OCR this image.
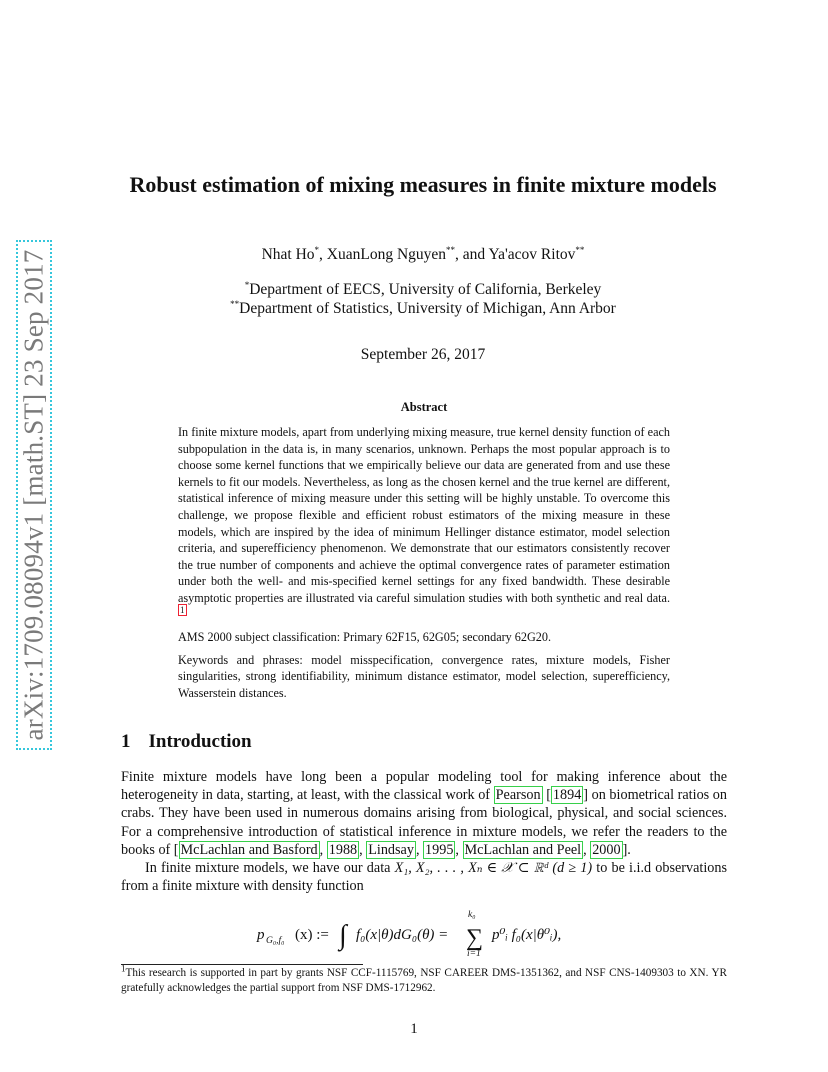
arXiv:1709.08094v1 [math.ST] 23 Sep 2017
Robust estimation of mixing measures in finite mixture models
Nhat Ho*, XuanLong Nguyen**, and Ya'acov Ritov**
*Department of EECS, University of California, Berkeley
**Department of Statistics, University of Michigan, Ann Arbor
September 26, 2017
Abstract

In finite mixture models, apart from underlying mixing measure, true kernel density function of each subpopulation in the data is, in many scenarios, unknown. Perhaps the most popular approach is to choose some kernel functions that we empirically believe our data are generated from and use these kernels to fit our models. Nevertheless, as long as the chosen kernel and the true kernel are different, statistical inference of mixing measure under this setting will be highly unstable. To overcome this challenge, we propose flexible and efficient robust estimators of the mixing measure in these models, which are inspired by the idea of minimum Hellinger distance estimator, model selection criteria, and superefficiency phenomenon. We demonstrate that our estimators consistently recover the true number of components and achieve the optimal convergence rates of parameter estimation under both the well- and mis-specified kernel settings for any fixed bandwidth. These desirable asymptotic properties are illustrated via careful simulation studies with both synthetic and real data. $^1$

AMS 2000 subject classification: Primary 62F15, 62G05; secondary 62G20.

Keywords and phrases: model misspecification, convergence rates, mixture models, Fisher singularities, strong identifiability, minimum distance estimator, model selection, superefficiency, Wasserstein distances.

1 Introduction

Finite mixture models have long been a popular modeling tool for making inference about the heterogeneity in data, starting, at least, with the classical work of Pearson [ 1894 ] on biometrical ratios on crabs. They have been used in numerous domains arising from biological, physical, and social sciences. For a comprehensive introduction of statistical inference in mixture models, we refer the readers to the books of [ McLachlan and Basford , 1988 , Lindsay , 1995 , McLachlan and Peel , 2000 ].

In finite mixture models, we have our data X₁, X₂, . . . , Xₙ ∈ 𝒳 ⊂ ℝᵈ (d ≥ 1) to be i.i.d observations from a finite mixture with density function

p G₀,f₀ (x) := ∫ f₀(x|θ)dG₀(θ) =
k₀
∑
i=1
p⁰ᵢ f₀(x|θ⁰ᵢ),
$^1$This research is supported in part by grants NSF CCF-1115769, NSF CAREER DMS-1351362, and NSF CNS-1409303 to XN. YR gratefully acknowledges the partial support from NSF DMS-1712962.
1
